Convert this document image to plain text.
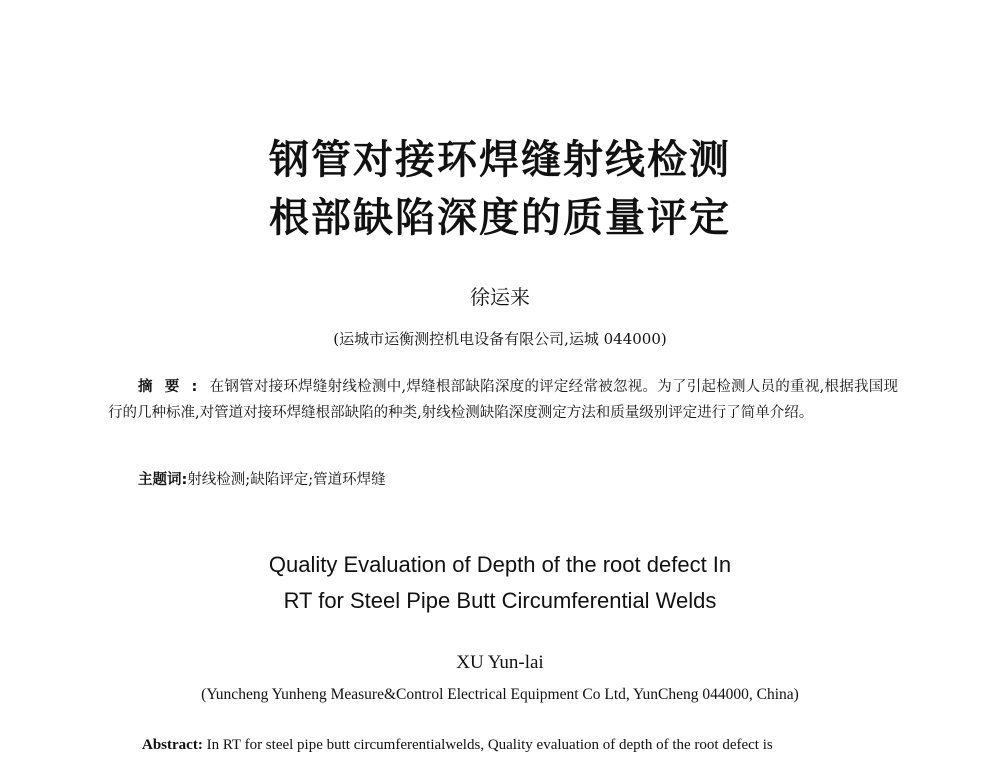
钢管对接环焊缝射线检测
根部缺陷深度的质量评定
徐运来
(运城市运衡测控机电设备有限公司,运城 044000)
摘要:在钢管对接环焊缝射线检测中,焊缝根部缺陷深度的评定经常被忽视。为了引起检测人员的重视,根据我国现行的几种标准,对管道对接环焊缝根部缺陷的种类,射线检测缺陷深度测定方法和质量级别评定进行了简单介绍。
主题词:射线检测;缺陷评定;管道环焊缝
Quality Evaluation of Depth of the root defect In
RT for Steel Pipe Butt Circumferential Welds
XU Yun-lai
(Yuncheng Yunheng Measure&Control Electrical Equipment Co Ltd, YunCheng 044000, China)
Abstract: In RT for steel pipe butt circumferentialwelds, Quality evaluation of depth of the root defect is
